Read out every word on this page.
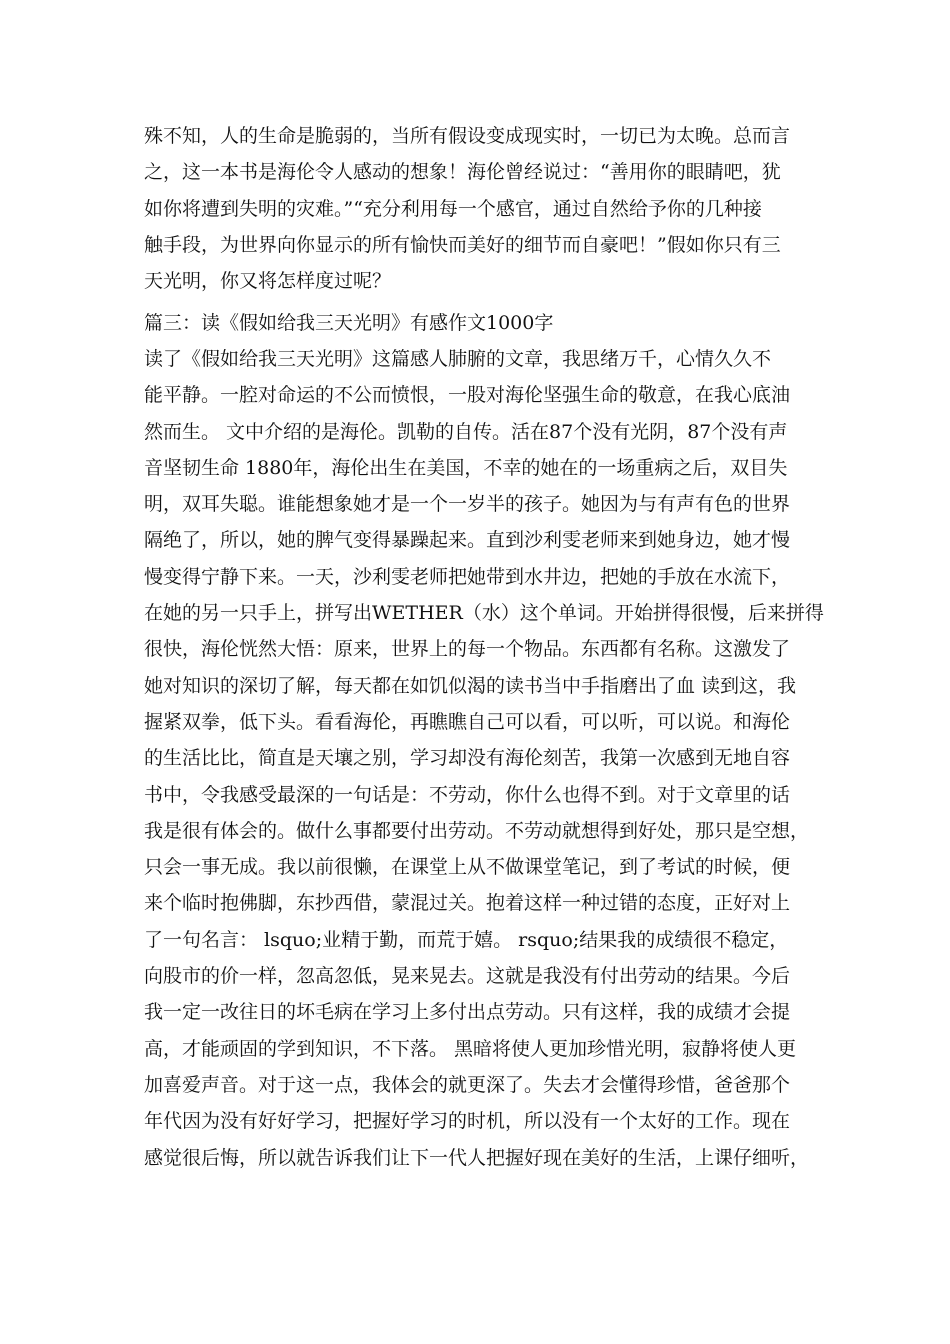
殊不知，人的生命是脆弱的，当所有假设变成现实时，一切已为太晚。总而言
之，这一本书是海伦令人感动的想象！海伦曾经说过：“善用你的眼睛吧，犹
如你将遭到失明的灾难。”“充分利用每一个感官，通过自然给予你的几种接
触手段，为世界向你显示的所有愉快而美好的细节而自豪吧！”假如你只有三
天光明，你又将怎样度过呢？
篇三：读《假如给我三天光明》有感作文1000字
读了《假如给我三天光明》这篇感人肺腑的文章，我思绪万千，心情久久不
能平静。一腔对命运的不公而愤恨，一股对海伦坚强生命的敬意，在我心底油
然而生。 文中介绍的是海伦。凯勒的自传。活在87个没有光阴，87个没有声
音坚韧生命 1880年，海伦出生在美国，不幸的她在的一场重病之后，双目失
明，双耳失聪。谁能想象她才是一个一岁半的孩子。她因为与有声有色的世界
隔绝了，所以，她的脾气变得暴躁起来。直到沙利雯老师来到她身边，她才慢
慢变得宁静下来。一天，沙利雯老师把她带到水井边，把她的手放在水流下，
在她的另一只手上，拼写出WETHER（水）这个单词。开始拼得很慢，后来拼得
很快，海伦恍然大悟：原来，世界上的每一个物品。东西都有名称。这激发了
她对知识的深切了解，每天都在如饥似渴的读书当中手指磨出了血 读到这，我
握紧双拳，低下头。看看海伦，再瞧瞧自己可以看，可以听，可以说。和海伦
的生活比比，简直是天壤之别，学习却没有海伦刻苦，我第一次感到无地自容
书中，令我感受最深的一句话是：不劳动，你什么也得不到。对于文章里的话
我是很有体会的。做什么事都要付出劳动。不劳动就想得到好处，那只是空想，
只会一事无成。我以前很懒，在课堂上从不做课堂笔记，到了考试的时候，便
来个临时抱佛脚，东抄西借，蒙混过关。抱着这样一种过错的态度，正好对上
了一句名言： lsquo;业精于勤，而荒于嬉。 rsquo;结果我的成绩很不稳定，
向股市的价一样，忽高忽低，晃来晃去。这就是我没有付出劳动的结果。今后
我一定一改往日的坏毛病在学习上多付出点劳动。只有这样，我的成绩才会提
高，才能顽固的学到知识，不下落。 黑暗将使人更加珍惜光明，寂静将使人更
加喜爱声音。对于这一点，我体会的就更深了。失去才会懂得珍惜，爸爸那个
年代因为没有好好学习，把握好学习的时机，所以没有一个太好的工作。现在
感觉很后悔，所以就告诉我们让下一代人把握好现在美好的生活，上课仔细听，
